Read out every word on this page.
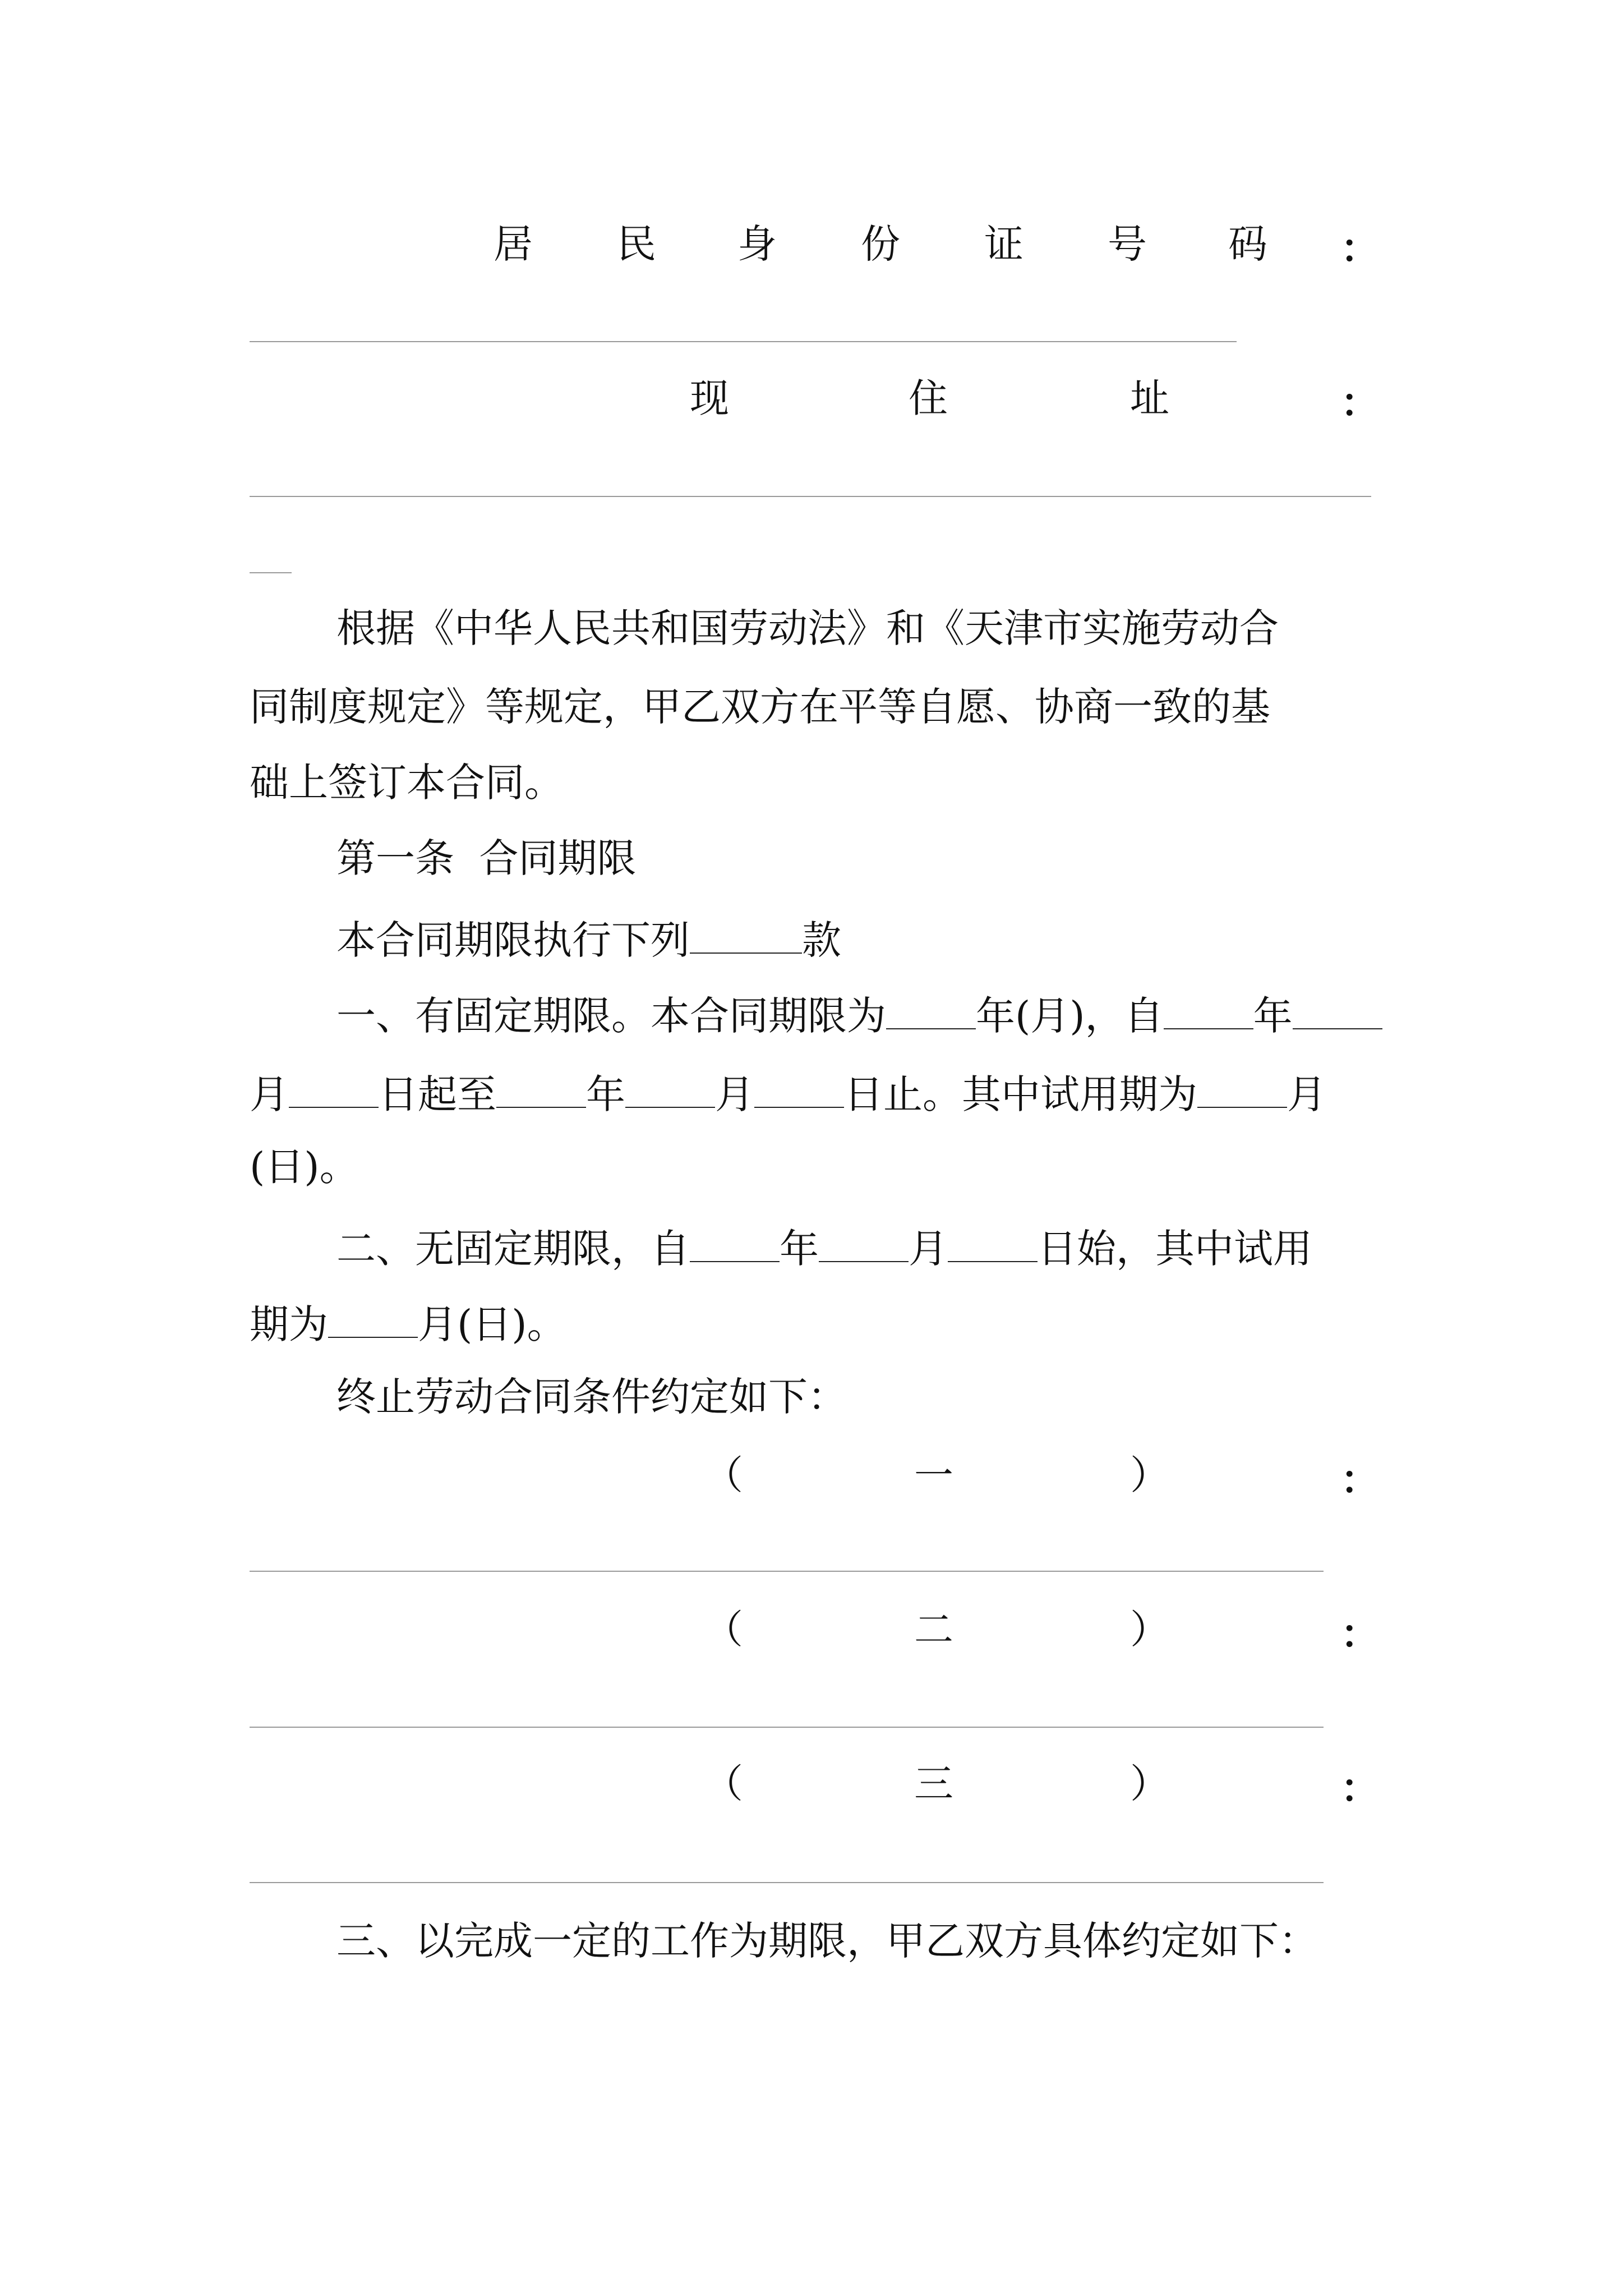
居 民 身 份 证 号 码 ：
现	住	址	：
根据《中华人民共和国劳动法》和《天津市实施劳动合
同制度规定》等规定，甲乙双方在平等自愿、协商一致的基
础上签订本合同。
第一条  合同期限
本合同期限执行下列	款
一、有固定期限。本合同期限为 年(月)，自 年
月 日起至 年 月 日止。其中试用期为 月
(日)。
二、无固定期限，自 年 月 日始，其中试用
期为 月(日)。
终止劳动合同条件约定如下：
（	一	）	：
（	二	）	：
（	三	）	：
三、以完成一定的工作为期限，甲乙双方具体约定如下：
